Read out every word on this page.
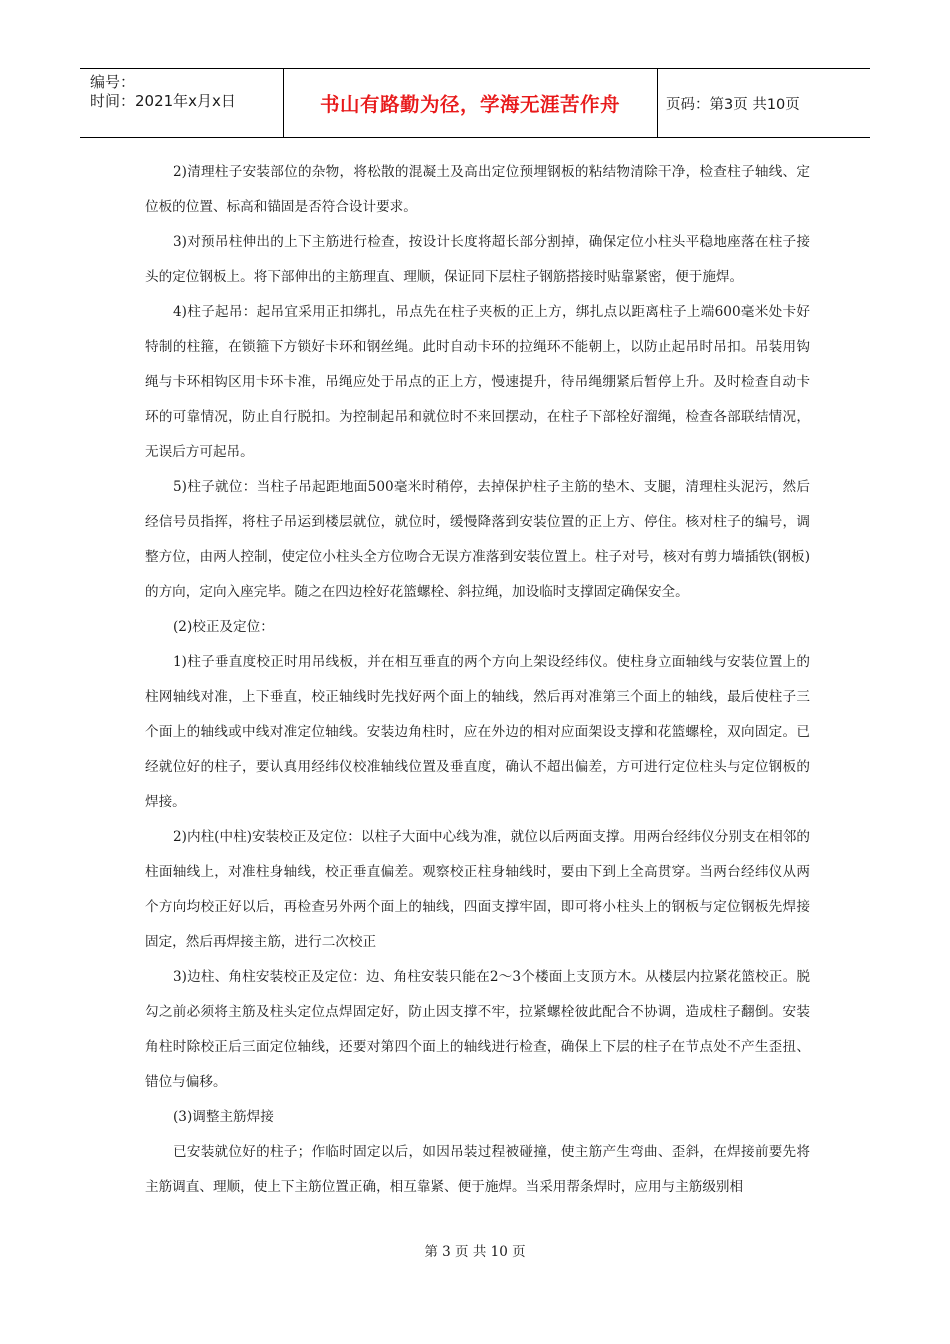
编号：
时间：2021年x月x日	书山有路勤为径，学海无涯苦作舟	页码：第3页 共10页

2)清理柱子安装部位的杂物，将松散的混凝土及高出定位预埋钢板的粘结物清除干净，检查柱子轴线、定位板的位置、标高和锚固是否符合设计要求。

3)对预吊柱伸出的上下主筋进行检查，按设计长度将超长部分割掉，确保定位小柱头平稳地座落在柱子接头的定位钢板上。将下部伸出的主筋理直、理顺，保证同下层柱子钢筋搭接时贴靠紧密，便于施焊。

4)柱子起吊：起吊宜采用正扣绑扎，吊点先在柱子夹板的正上方，绑扎点以距离柱子上端600毫米处卡好特制的柱箍，在锁箍下方锁好卡环和钢丝绳。此时自动卡环的拉绳环不能朝上，以防止起吊时吊扣。吊装用钩绳与卡环相钩区用卡环卡准，吊绳应处于吊点的正上方，慢速提升，待吊绳绷紧后暂停上升。及时检查自动卡环的可靠情况，防止自行脱扣。为控制起吊和就位时不来回摆动，在柱子下部栓好溜绳，检查各部联结情况，无误后方可起吊。

5)柱子就位：当柱子吊起距地面500毫米时稍停，去掉保护柱子主筋的垫木、支腿，清理柱头泥污，然后经信号员指挥，将柱子吊运到楼层就位，就位时，缓慢降落到安装位置的正上方、停住。核对柱子的编号，调整方位，由两人控制，使定位小柱头全方位吻合无误方准落到安装位置上。柱子对号，核对有剪力墙插铁(钢板)的方向，定向入座完毕。随之在四边栓好花篮螺栓、斜拉绳，加设临时支撑固定确保安全。

(2)校正及定位：

1)柱子垂直度校正时用吊线板，并在相互垂直的两个方向上架设经纬仪。使柱身立面轴线与安装位置上的柱网轴线对准，上下垂直，校正轴线时先找好两个面上的轴线，然后再对准第三个面上的轴线，最后使柱子三个面上的轴线或中线对准定位轴线。安装边角柱时，应在外边的相对应面架设支撑和花篮螺栓，双向固定。已经就位好的柱子，要认真用经纬仪校准轴线位置及垂直度，确认不超出偏差，方可进行定位柱头与定位钢板的焊接。

2)内柱(中柱)安装校正及定位：以柱子大面中心线为准，就位以后两面支撑。用两台经纬仪分别支在相邻的柱面轴线上，对准柱身轴线，校正垂直偏差。观察校正柱身轴线时，要由下到上全高贯穿。当两台经纬仪从两个方向均校正好以后，再检查另外两个面上的轴线，四面支撑牢固，即可将小柱头上的钢板与定位钢板先焊接固定，然后再焊接主筋，进行二次校正

3)边柱、角柱安装校正及定位：边、角柱安装只能在2～3个楼面上支顶方木。从楼层内拉紧花篮校正。脱勾之前必须将主筋及柱头定位点焊固定好，防止因支撑不牢，拉紧螺栓彼此配合不协调，造成柱子翻倒。安装角柱时除校正后三面定位轴线，还要对第四个面上的轴线进行检查，确保上下层的柱子在节点处不产生歪扭、错位与偏移。

(3)调整主筋焊接

已安装就位好的柱子；作临时固定以后，如因吊装过程被碰撞，使主筋产生弯曲、歪斜，在焊接前要先将主筋调直、理顺，使上下主筋位置正确，相互靠紧、便于施焊。当采用帮条焊时，应用与主筋级别相

第 3 页 共 10 页
